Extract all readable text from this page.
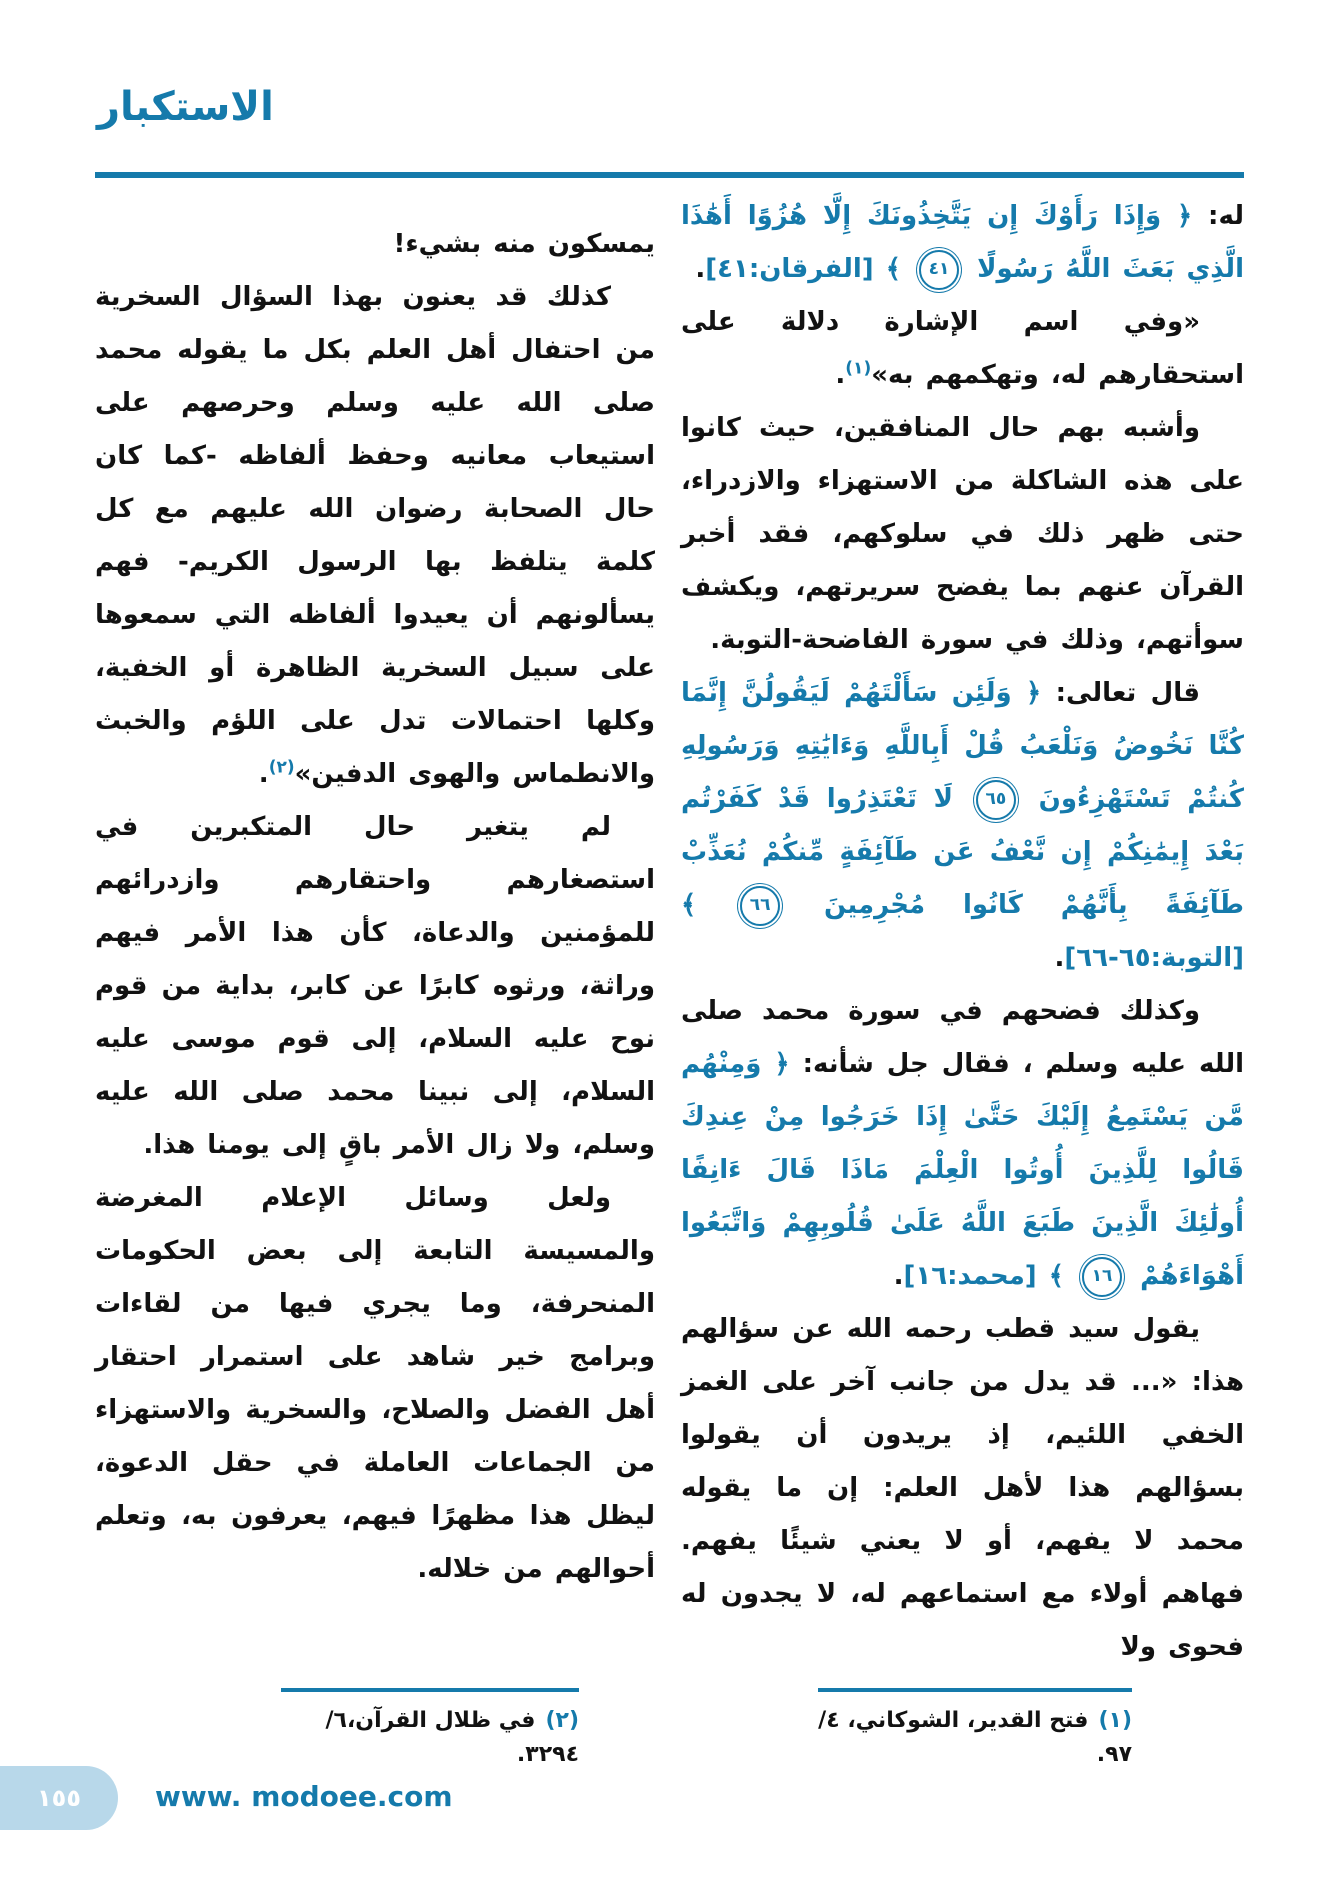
الاستكبار

له: ﴿ وَإِذَا رَأَوْكَ إِن يَتَّخِذُونَكَ إِلَّا هُزُوًا أَهَٰذَا الَّذِي بَعَثَ اللَّهُ رَسُولًا ٤١ ﴾ [الفرقان:٤١].

«وفي اسم الإشارة دلالة على استحقارهم له، وتهكمهم به»$^{(١)}$.

وأشبه بهم حال المنافقين، حيث كانوا على هذه الشاكلة من الاستهزاء والازدراء، حتى ظهر ذلك في سلوكهم، فقد أخبر القرآن عنهم بما يفضح سريرتهم، ويكشف سوأتهم، وذلك في سورة الفاضحة-التوبة.

قال تعالى: ﴿ وَلَئِن سَأَلْتَهُمْ لَيَقُولُنَّ إِنَّمَا كُنَّا نَخُوضُ وَنَلْعَبُ قُلْ أَبِاللَّهِ وَءَايَٰتِهِ وَرَسُولِهِ كُنتُمْ تَسْتَهْزِءُونَ ٦٥ لَا تَعْتَذِرُوا قَدْ كَفَرْتُم بَعْدَ إِيمَٰنِكُمْ إِن نَّعْفُ عَن طَآئِفَةٍ مِّنكُمْ نُعَذِّبْ طَآئِفَةً بِأَنَّهُمْ كَانُوا مُجْرِمِينَ ٦٦ ﴾ [التوبة:٦٥-٦٦].

وكذلك فضحهم في سورة محمد صلى الله عليه وسلم ، فقال جل شأنه: ﴿ وَمِنْهُم مَّن يَسْتَمِعُ إِلَيْكَ حَتَّىٰ إِذَا خَرَجُوا مِنْ عِندِكَ قَالُوا لِلَّذِينَ أُوتُوا الْعِلْمَ مَاذَا قَالَ ءَانِفًا أُولَٰئِكَ الَّذِينَ طَبَعَ اللَّهُ عَلَىٰ قُلُوبِهِمْ وَاتَّبَعُوا أَهْوَاءَهُمْ ١٦ ﴾ [محمد:١٦].

يقول سيد قطب رحمه الله عن سؤالهم هذا: «... قد يدل من جانب آخر على الغمز الخفي اللئيم، إذ يريدون أن يقولوا بسؤالهم هذا لأهل العلم: إن ما يقوله محمد لا يفهم، أو لا يعني شيئًا يفهم. فهاهم أولاء مع استماعهم له، لا يجدون له فحوى ولا

يمسكون منه بشيء!

كذلك قد يعنون بهذا السؤال السخرية من احتفال أهل العلم بكل ما يقوله محمد صلى الله عليه وسلم وحرصهم على استيعاب معانيه وحفظ ألفاظه -كما كان حال الصحابة رضوان الله عليهم مع كل كلمة يتلفظ بها الرسول الكريم- فهم يسألونهم أن يعيدوا ألفاظه التي سمعوها على سبيل السخرية الظاهرة أو الخفية، وكلها احتمالات تدل على اللؤم والخبث والانطماس والهوى الدفين»$^{(٢)}$.

لم يتغير حال المتكبرين في استصغارهم واحتقارهم وازدرائهم للمؤمنين والدعاة، كأن هذا الأمر فيهم وراثة، ورثوه كابرًا عن كابر، بداية من قوم نوح عليه السلام، إلى قوم موسى عليه السلام، إلى نبينا محمد صلى الله عليه وسلم، ولا زال الأمر باقٍ إلى يومنا هذا.

ولعل وسائل الإعلام المغرضة والمسيسة التابعة إلى بعض الحكومات المنحرفة، وما يجري فيها من لقاءات وبرامج خير شاهد على استمرار احتقار أهل الفضل والصلاح، والسخرية والاستهزاء من الجماعات العاملة في حقل الدعوة، ليظل هذا مظهرًا فيهم، يعرفون به، وتعلم أحوالهم من خلاله.

(١)فتح القدير، الشوكاني، ٤/ ٩٧.
(٢)في ظلال القرآن،٦/ ٣٢٩٤.
١٥٥	www. modoee.com
